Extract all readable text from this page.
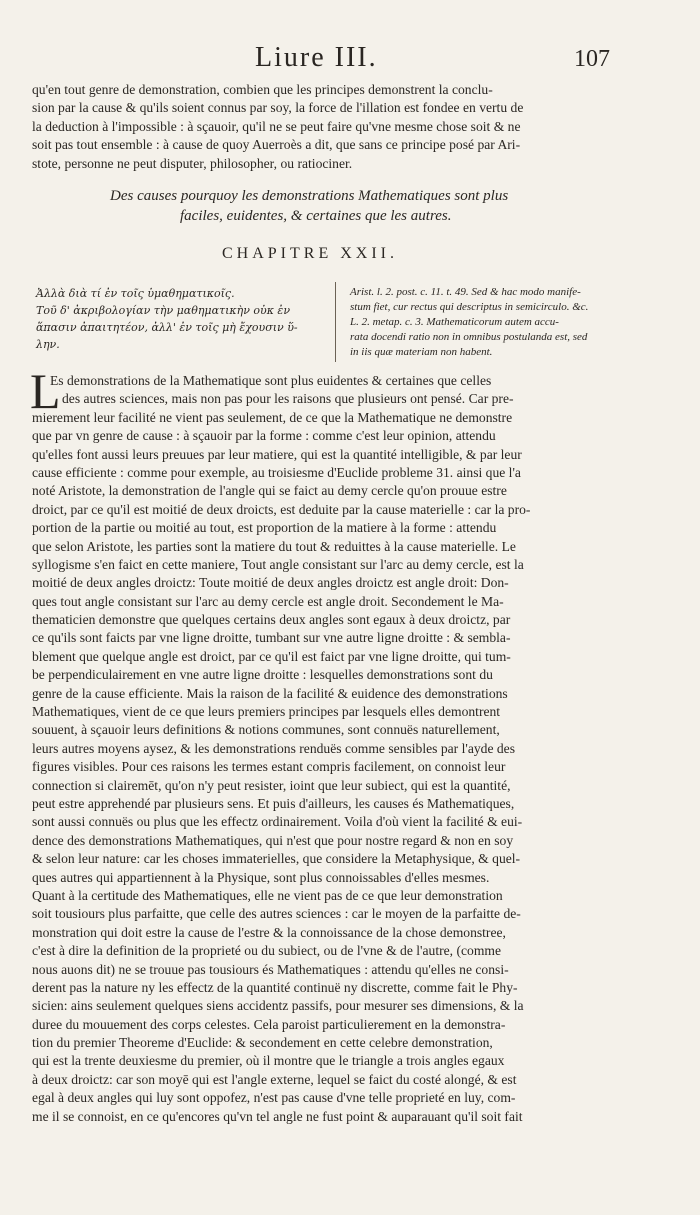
Liure III.	107
qu'en tout genre de demonstration, combien que les principes demonstrent la conclu-
sion par la cause & qu'ils soient connus par soy, la force de l'illation est fondee en vertu de
la deduction à l'impossible : à sçauoir, qu'il ne se peut faire qu'vne mesme chose soit & ne
soit pas tout ensemble : à cause de quoy Auerroès a dit, que sans ce principe posé par Ari-
stote, personne ne peut disputer, philosopher, ou ratiociner.
Des causes pourquoy les demonstrations Mathematiques sont plus
faciles, euidentes, & certaines que les autres.
CHAPITRE XXII.
Ἀλλὰ διὰ τί ἐν τοῖς ὑμαθηματικοῖς.
Τοῦ δ' ἀκριβολογίαν τὴν μαθηματικὴν οὐκ ἐν
ἅπασιν ἀπαιτητέον, ἀλλ' ἐν τοῖς μὴ ἔχουσιν ὕ-
λην.
Arist. l. 2. post. c. 11. t. 49. Sed & hac modo manife-
stum fiet, cur rectus qui descriptus in semicirculo. &c.
L. 2. metap. c. 3. Mathematicorum autem accu-
rata docendi ratio non in omnibus postulanda est, sed
in iis quæ materiam non habent.
L
Es demonstrations de la Mathematique sont plus euidentes & certaines que celles
des autres sciences, mais non pas pour les raisons que plusieurs ont pensé. Car pre-
mierement leur facilité ne vient pas seulement, de ce que la Mathematique ne demonstre
que par vn genre de cause : à sçauoir par la forme : comme c'est leur opinion, attendu
qu'elles font aussi leurs preuues par leur matiere, qui est la quantité intelligible, & par leur
cause efficiente : comme pour exemple, au troisiesme d'Euclide probleme 31. ainsi que l'a
noté Aristote, la demonstration de l'angle qui se faict au demy cercle qu'on prouue estre
droict, par ce qu'il est moitié de deux droicts, est deduite par la cause materielle : car la pro-
portion de la partie ou moitié au tout, est proportion de la matiere à la forme : attendu
que selon Aristote, les parties sont la matiere du tout & reduittes à la cause materielle. Le
syllogisme s'en faict en cette maniere, Tout angle consistant sur l'arc au demy cercle, est la
moitié de deux angles droictz: Toute moitié de deux angles droictz est angle droit: Don-
ques tout angle consistant sur l'arc au demy cercle est angle droit. Secondement le Ma-
thematicien demonstre que quelques certains deux angles sont egaux à deux droictz, par
ce qu'ils sont faicts par vne ligne droitte, tumbant sur vne autre ligne droitte : & sembla-
blement que quelque angle est droict, par ce qu'il est faict par vne ligne droitte, qui tum-
be perpendiculairement en vne autre ligne droitte : lesquelles demonstrations sont du
genre de la cause efficiente. Mais la raison de la facilité & euidence des demonstrations
Mathematiques, vient de ce que leurs premiers principes par lesquels elles demontrent
souuent, à sçauoir leurs definitions & notions communes, sont connuës naturellement,
leurs autres moyens aysez, & les demonstrations renduës comme sensibles par l'ayde des
figures visibles. Pour ces raisons les termes estant compris facilement, on connoist leur
connection si clairemēt, qu'on n'y peut resister, ioint que leur subiect, qui est la quantité,
peut estre apprehendé par plusieurs sens. Et puis d'ailleurs, les causes és Mathematiques,
sont aussi connuës ou plus que les effectz ordinairement. Voila d'où vient la facilité & eui-
dence des demonstrations Mathematiques, qui n'est que pour nostre regard & non en soy
& selon leur nature: car les choses immaterielles, que considere la Metaphysique, & quel-
ques autres qui appartiennent à la Physique, sont plus connoissables d'elles mesmes.
Quant à la certitude des Mathematiques, elle ne vient pas de ce que leur demonstration
soit tousiours plus parfaitte, que celle des autres sciences : car le moyen de la parfaitte de-
monstration qui doit estre la cause de l'estre & la connoissance de la chose demonstree,
c'est à dire la definition de la proprieté ou du subiect, ou de l'vne & de l'autre, (comme
nous auons dit) ne se trouue pas tousiours és Mathematiques : attendu qu'elles ne consi-
derent pas la nature ny les effectz de la quantité continuë ny discrette, comme fait le Phy-
sicien: ains seulement quelques siens accidentz passifs, pour mesurer ses dimensions, & la
duree du mouuement des corps celestes. Cela paroist particulierement en la demonstra-
tion du premier Theoreme d'Euclide: & secondement en cette celebre demonstration,
qui est la trente deuxiesme du premier, où il montre que le triangle a trois angles egaux
à deux droictz: car son moyē qui est l'angle externe, lequel se faict du costé alongé, & est
egal à deux angles qui luy sont oppofez, n'est pas cause d'vne telle proprieté en luy, com-
me il se connoist, en ce qu'encores qu'vn tel angle ne fust point & auparauant qu'il soit fait
